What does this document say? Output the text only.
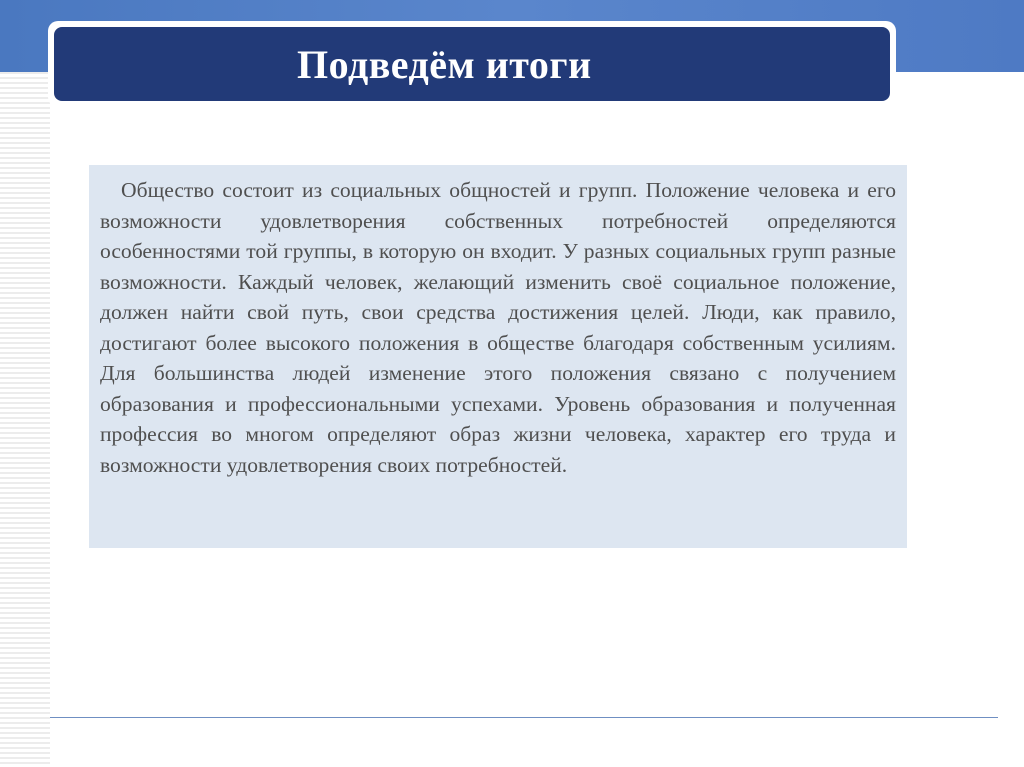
Подведём итоги

Общество состоит из социальных общностей и групп. Положение человека и его возможности удовлетворения собственных потребностей определяются особенностями той группы, в которую он входит. У разных социальных групп разные возможности. Каждый человек, желающий изменить своё социальное положение, должен найти свой путь, свои средства достижения целей. Люди, как правило, достигают более высокого положения в обществе благодаря собственным усилиям. Для большинства людей изменение этого положения связано с получением образования и профессиональными успехами. Уровень образования и полученная профессия во многом определяют образ жизни человека, характер его труда и возможности удовлетворения своих потребностей.
